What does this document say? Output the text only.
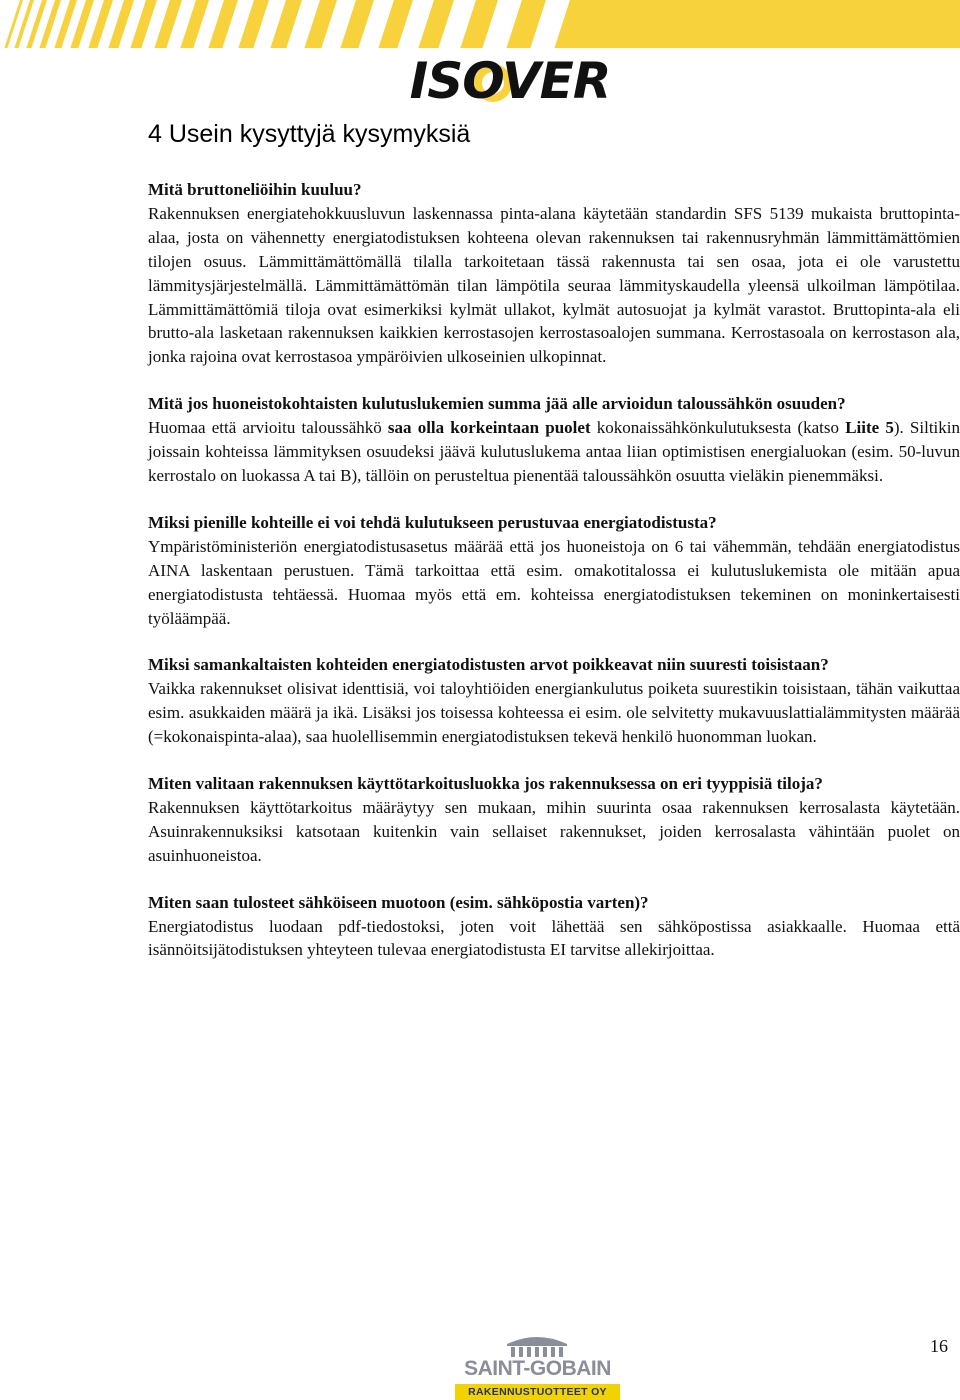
ISOVER
4 Usein kysyttyjä kysymyksiä

Mitä bruttoneliöihin kuuluu?

Rakennuksen energiatehokkuusluvun laskennassa pinta-alana käytetään standardin SFS 5139 mukaista bruttopinta-alaa, josta on vähennetty energiatodistuksen kohteena olevan rakennuksen tai rakennusryhmän lämmittämättömien tilojen osuus. Lämmittämättömällä tilalla tarkoitetaan tässä rakennusta tai sen osaa, jota ei ole varustettu lämmitysjärjestelmällä. Lämmittämättömän tilan lämpötila seuraa lämmityskaudella yleensä ulkoilman lämpötilaa. Lämmittämättömiä tiloja ovat esimerkiksi kylmät ullakot, kylmät autosuojat ja kylmät varastot. Bruttopinta-ala eli brutto-ala lasketaan rakennuksen kaikkien kerrostasojen kerrostasoalojen summana. Kerrostasoala on kerrostason ala, jonka rajoina ovat kerrostasoa ympäröivien ulkoseinien ulkopinnat.

Mitä jos huoneistokohtaisten kulutuslukemien summa jää alle arvioidun taloussähkön osuuden?

Huomaa että arvioitu taloussähkö saa olla korkeintaan puolet kokonaissähkönkulutuksesta (katso Liite 5). Siltikin joissain kohteissa lämmityksen osuudeksi jäävä kulutuslukema antaa liian optimistisen energialuokan (esim. 50-luvun kerrostalo on luokassa A tai B), tällöin on perusteltua pienentää taloussähkön osuutta vieläkin pienemmäksi.

Miksi pienille kohteille ei voi tehdä kulutukseen perustuvaa energiatodistusta?

Ympäristöministeriön energiatodistusasetus määrää että jos huoneistoja on 6 tai vähemmän, tehdään energiatodistus AINA laskentaan perustuen. Tämä tarkoittaa että esim. omakotitalossa ei kulutuslukemista ole mitään apua energiatodistusta tehtäessä. Huomaa myös että em. kohteissa energiatodistuksen tekeminen on moninkertaisesti työläämpää.

Miksi samankaltaisten kohteiden energiatodistusten arvot poikkeavat niin suuresti toisistaan?

Vaikka rakennukset olisivat identtisiä, voi taloyhtiöiden energiankulutus poiketa suurestikin toisistaan, tähän vaikuttaa esim. asukkaiden määrä ja ikä. Lisäksi jos toisessa kohteessa ei esim. ole selvitetty mukavuuslattialämmitysten määrää (=kokonaispinta-alaa), saa huolellisemmin energiatodistuksen tekevä henkilö huonomman luokan.

Miten valitaan rakennuksen käyttötarkoitusluokka jos rakennuksessa on eri tyyppisiä tiloja?

Rakennuksen käyttötarkoitus määräytyy sen mukaan, mihin suurinta osaa rakennuksen kerrosalasta käytetään. Asuinrakennuksiksi katsotaan kuitenkin vain sellaiset rakennukset, joiden kerrosalasta vähintään puolet on asuinhuoneistoa.

Miten saan tulosteet sähköiseen muotoon (esim. sähköpostia varten)?

Energiatodistus luodaan pdf-tiedostoksi, joten voit lähettää sen sähköpostissa asiakkaalle. Huomaa että isännöitsijätodistuksen yhteyteen tulevaa energiatodistusta EI tarvitse allekirjoittaa.

SAINT-GOBAIN
RAKENNUSTUOTTEET OY
16
